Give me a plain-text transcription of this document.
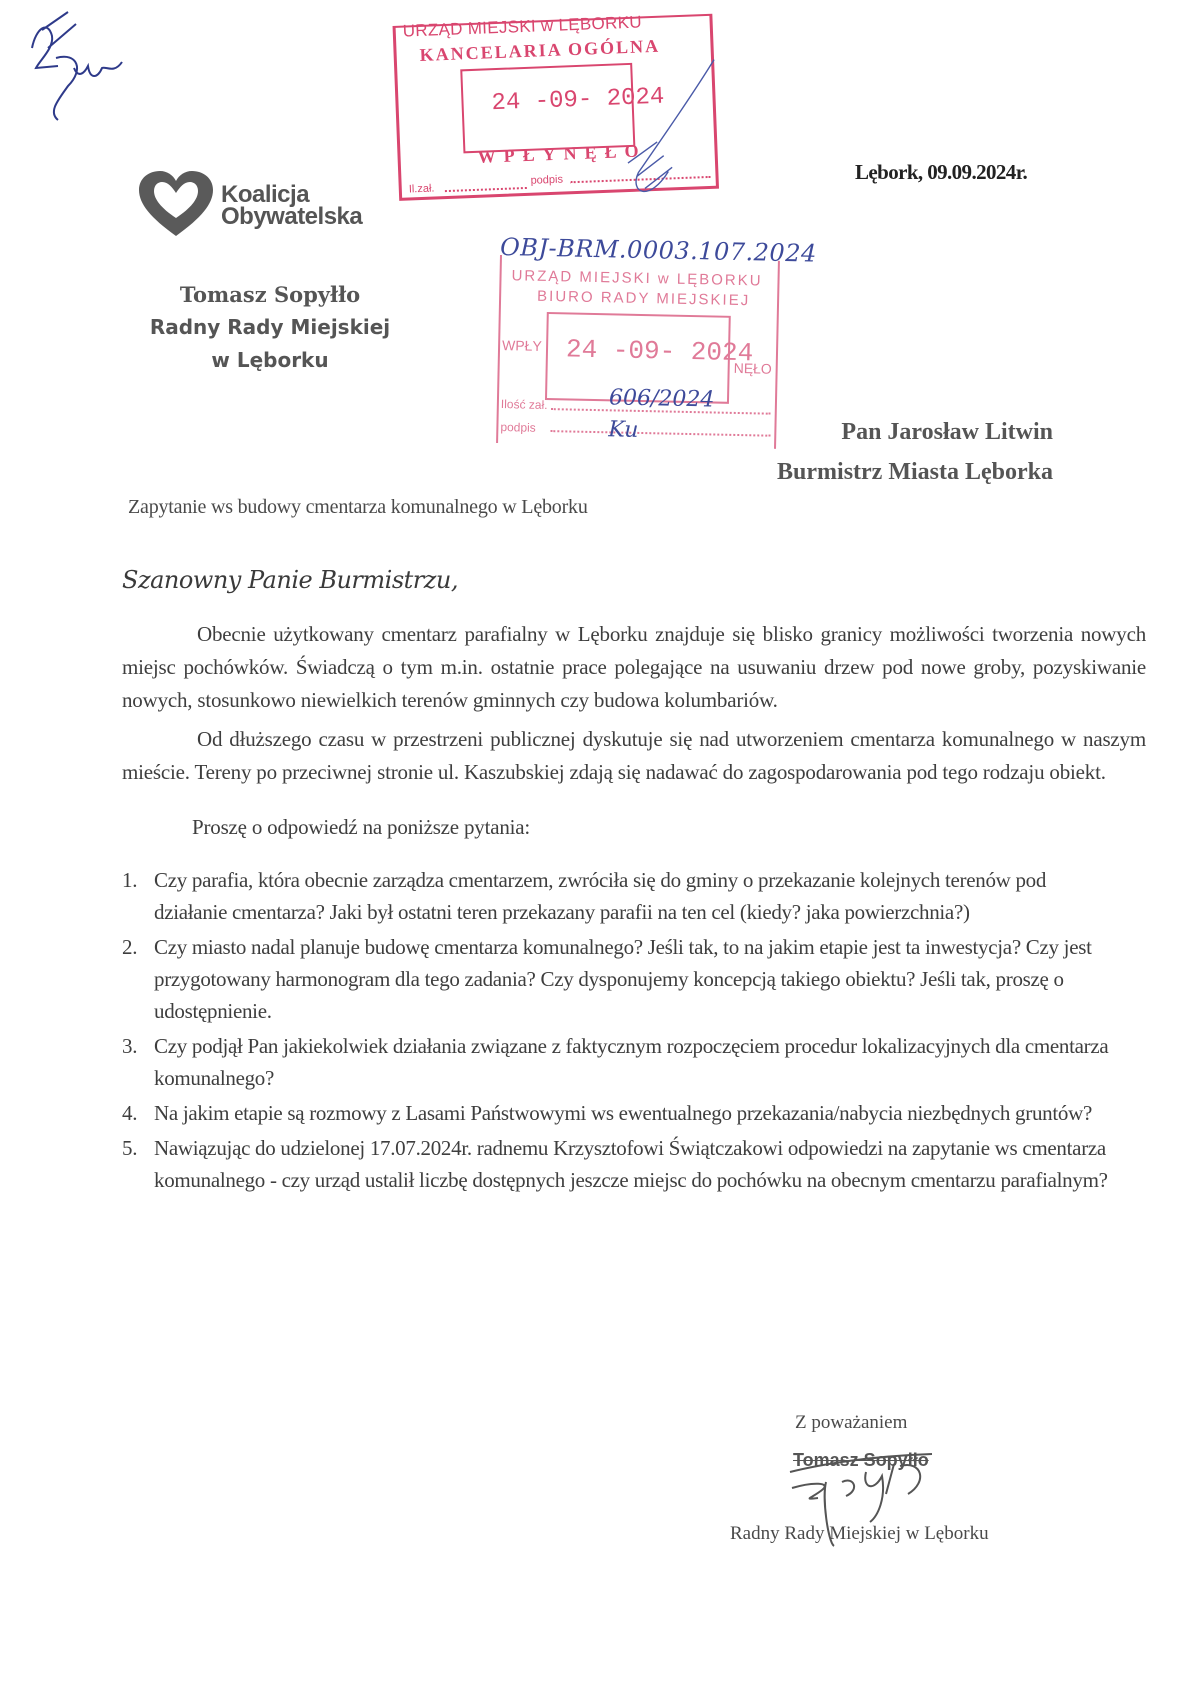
URZĄD MIEJSKI w LĘBORKU
KANCELARIA OGÓLNA
24 -09- 2024
WPŁYNĘŁO
Il.zał.
podpis
OBJ-BRM.0003.107.2024
URZĄD MIEJSKI w LĘBORKU
BIURO RADY MIEJSKIEJ
WPŁY 24 -09- 2024
NĘŁO
Ilość zał.	606/2024
podpis	Ku
Koalicja
Obywatelska
Tomasz Sopyłło
Radny Rady Miejskiej
w Lęborku
Lębork, 09.09.2024r.
Pan Jarosław Litwin
Burmistrz Miasta Lęborka
Zapytanie ws budowy cmentarza komunalnego w Lęborku
Szanowny Panie Burmistrzu,

Obecnie użytkowany cmentarz parafialny w Lęborku znajduje się blisko granicy możliwości tworzenia nowych miejsc pochówków. Świadczą o tym m.in. ostatnie prace polegające na usuwaniu drzew pod nowe groby, pozyskiwanie nowych, stosunkowo niewielkich terenów gminnych czy budowa kolumbariów.

Od dłuższego czasu w przestrzeni publicznej dyskutuje się nad utworzeniem cmentarza komunalnego w naszym mieście. Tereny po przeciwnej stronie ul. Kaszubskiej zdają się nadawać do zagospodarowania pod tego rodzaju obiekt.

Proszę o odpowiedź na poniższe pytania:
1. Czy parafia, która obecnie zarządza cmentarzem, zwróciła się do gminy o przekazanie kolejnych terenów pod działanie cmentarza? Jaki był ostatni teren przekazany parafii na ten cel (kiedy? jaka powierzchnia?)
2. Czy miasto nadal planuje budowę cmentarza komunalnego? Jeśli tak, to na jakim etapie jest ta inwestycja? Czy jest przygotowany harmonogram dla tego zadania? Czy dysponujemy koncepcją takiego obiektu? Jeśli tak, proszę o udostępnienie.
3. Czy podjął Pan jakiekolwiek działania związane z faktycznym rozpoczęciem procedur lokalizacyjnych dla cmentarza komunalnego?
4. Na jakim etapie są rozmowy z Lasami Państwowymi ws ewentualnego przekazania/nabycia niezbędnych gruntów?
5. Nawiązując do udzielonej 17.07.2024r. radnemu Krzysztofowi Świątczakowi odpowiedzi na zapytanie ws cmentarza komunalnego - czy urząd ustalił liczbę dostępnych jeszcze miejsc do pochówku na obecnym cmentarzu parafialnym?
Z poważaniem
Tomasz Sopyłło
Radny Rady Miejskiej w Lęborku
